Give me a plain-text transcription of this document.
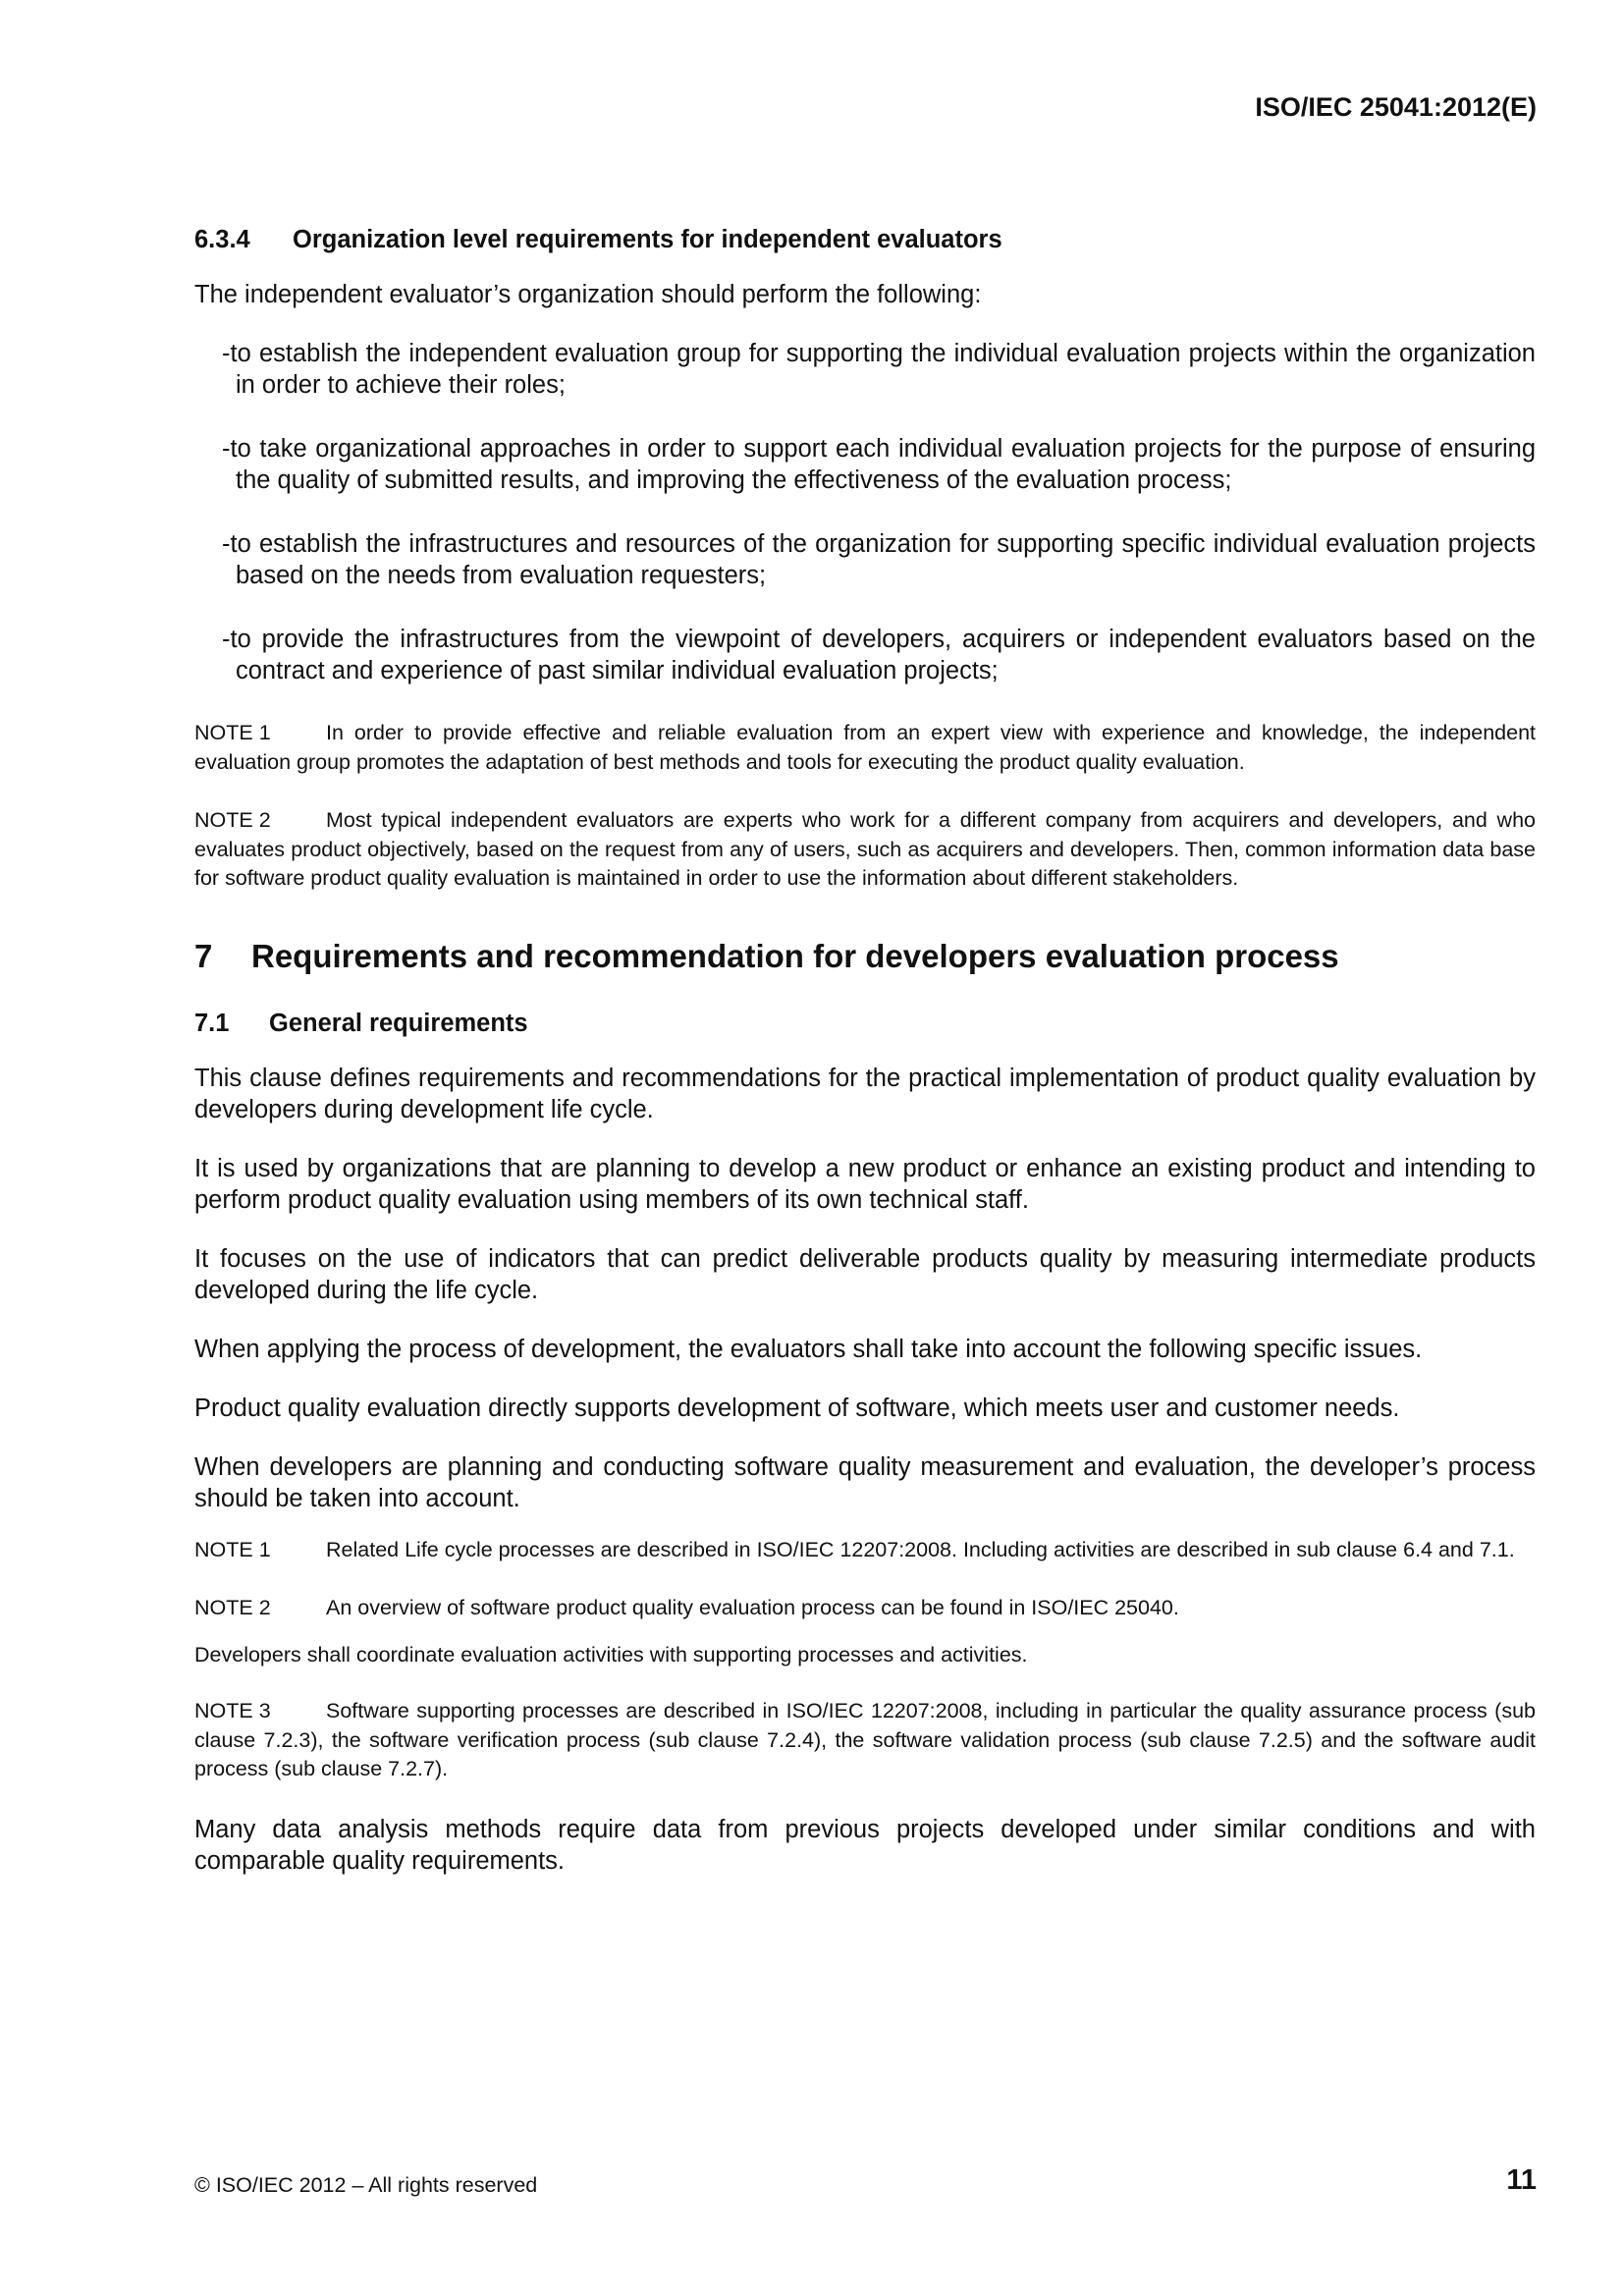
ISO/IEC 25041:2012(E)

6.3.4 Organization level requirements for independent evaluators

The independent evaluator’s organization should perform the following:

-to establish the independent evaluation group for supporting the individual evaluation projects within the organization in order to achieve their roles;

-to take organizational approaches in order to support each individual evaluation projects for the purpose of ensuring the quality of submitted results, and improving the effectiveness of the evaluation process;

-to establish the infrastructures and resources of the organization for supporting specific individual evaluation projects based on the needs from evaluation requesters;

-to provide the infrastructures from the viewpoint of developers, acquirers or independent evaluators based on the contract and experience of past similar individual evaluation projects;

NOTE 1	In order to provide effective and reliable evaluation from an expert view with experience and knowledge, the independent evaluation group promotes the adaptation of best methods and tools for executing the product quality evaluation.

NOTE 2	Most typical independent evaluators are experts who work for a different company from acquirers and developers, and who evaluates product objectively, based on the request from any of users, such as acquirers and developers. Then, common information data base for software product quality evaluation is maintained in order to use the information about different stakeholders.

7 Requirements and recommendation for developers evaluation process
7.1 General requirements

This clause defines requirements and recommendations for the practical implementation of product quality evaluation by developers during development life cycle.

It is used by organizations that are planning to develop a new product or enhance an existing product and intending to perform product quality evaluation using members of its own technical staff.

It focuses on the use of indicators that can predict deliverable products quality by measuring intermediate products developed during the life cycle.

When applying the process of development, the evaluators shall take into account the following specific issues.

Product quality evaluation directly supports development of software, which meets user and customer needs.

When developers are planning and conducting software quality measurement and evaluation, the developer’s process should be taken into account.

NOTE 1	Related Life cycle processes are described in ISO/IEC 12207:2008. Including activities are described in sub clause 6.4 and 7.1.

NOTE 2	An overview of software product quality evaluation process can be found in ISO/IEC 25040.

Developers shall coordinate evaluation activities with supporting processes and activities.

NOTE 3	Software supporting processes are described in ISO/IEC 12207:2008, including in particular the quality assurance process (sub clause 7.2.3), the software verification process (sub clause 7.2.4), the software validation process (sub clause 7.2.5) and the software audit process (sub clause 7.2.7).

Many data analysis methods require data from previous projects developed under similar conditions and with comparable quality requirements.

© ISO/IEC 2012 – All rights reserved	11
